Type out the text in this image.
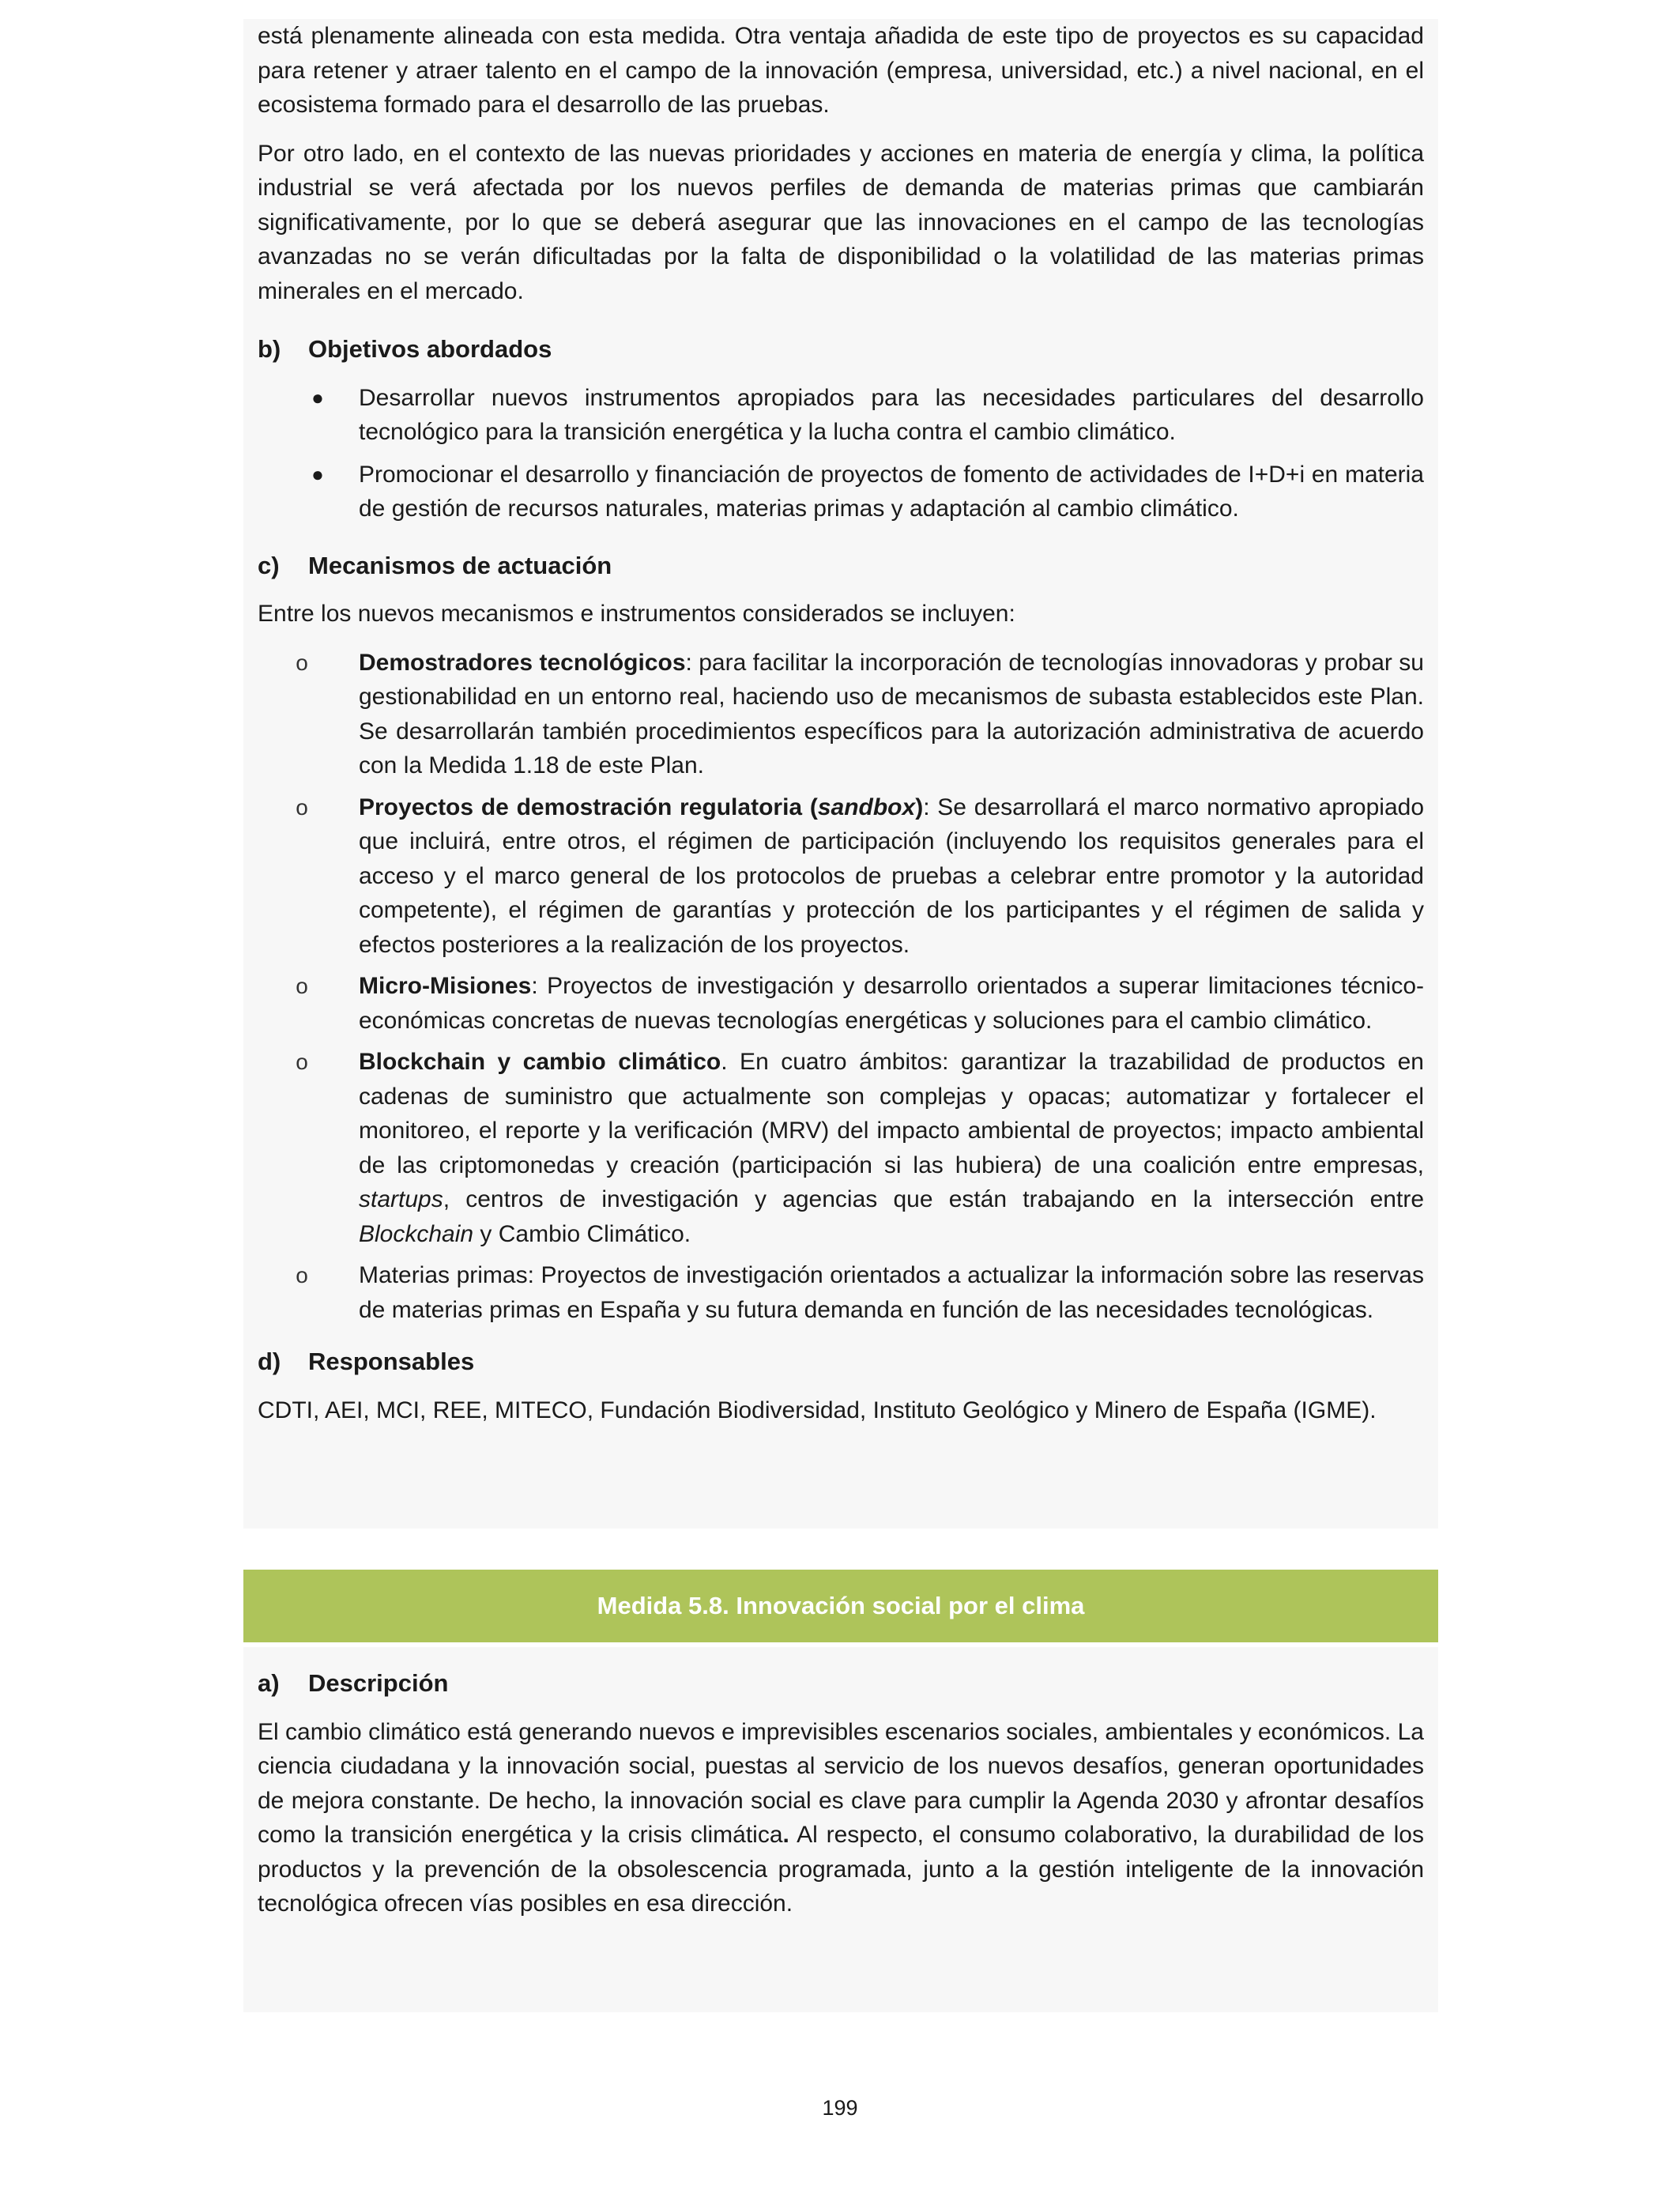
está plenamente alineada con esta medida. Otra ventaja añadida de este tipo de proyectos es su capacidad para retener y atraer talento en el campo de la innovación (empresa, universidad, etc.) a nivel nacional, en el ecosistema formado para el desarrollo de las pruebas.

Por otro lado, en el contexto de las nuevas prioridades y acciones en materia de energía y clima, la política industrial se verá afectada por los nuevos perfiles de demanda de materias primas que cambiarán significativamente, por lo que se deberá asegurar que las innovaciones en el campo de las tecnologías avanzadas no se verán dificultadas por la falta de disponibilidad o la volatilidad de las materias primas minerales en el mercado.

b)	Objetivos abordados
●	Desarrollar nuevos instrumentos apropiados para las necesidades particulares del desarrollo tecnológico para la transición energética y la lucha contra el cambio climático.
●	Promocionar el desarrollo y financiación de proyectos de fomento de actividades de I+D+i en materia de gestión de recursos naturales, materias primas y adaptación al cambio climático.
c)	Mecanismos de actuación

Entre los nuevos mecanismos e instrumentos considerados se incluyen:

o	Demostradores tecnológicos: para facilitar la incorporación de tecnologías innovadoras y probar su gestionabilidad en un entorno real, haciendo uso de mecanismos de subasta establecidos este Plan. Se desarrollarán también procedimientos específicos para la autorización administrativa de acuerdo con la Medida 1.18 de este Plan.
o	Proyectos de demostración regulatoria (sandbox): Se desarrollará el marco normativo apropiado que incluirá, entre otros, el régimen de participación (incluyendo los requisitos generales para el acceso y el marco general de los protocolos de pruebas a celebrar entre promotor y la autoridad competente), el régimen de garantías y protección de los participantes y el régimen de salida y efectos posteriores a la realización de los proyectos.
o	Micro-Misiones: Proyectos de investigación y desarrollo orientados a superar limitaciones técnico-económicas concretas de nuevas tecnologías energéticas y soluciones para el cambio climático.
o	Blockchain y cambio climático. En cuatro ámbitos: garantizar la trazabilidad de productos en cadenas de suministro que actualmente son complejas y opacas; automatizar y fortalecer el monitoreo, el reporte y la verificación (MRV) del impacto ambiental de proyectos; impacto ambiental de las criptomonedas y creación (participación si las hubiera) de una coalición entre empresas, startups, centros de investigación y agencias que están trabajando en la intersección entre Blockchain y Cambio Climático.
o	Materias primas: Proyectos de investigación orientados a actualizar la información sobre las reservas de materias primas en España y su futura demanda en función de las necesidades tecnológicas.
d)	Responsables

CDTI, AEI, MCI, REE, MITECO, Fundación Biodiversidad, Instituto Geológico y Minero de España (IGME).

Medida 5.8. Innovación social por el clima
a)	Descripción

El cambio climático está generando nuevos e imprevisibles escenarios sociales, ambientales y económicos. La ciencia ciudadana y la innovación social, puestas al servicio de los nuevos desafíos, generan oportunidades de mejora constante. De hecho, la innovación social es clave para cumplir la Agenda 2030 y afrontar desafíos como la transición energética y la crisis climática. Al respecto, el consumo colaborativo, la durabilidad de los productos y la prevención de la obsolescencia programada, junto a la gestión inteligente de la innovación tecnológica ofrecen vías posibles en esa dirección.

199
